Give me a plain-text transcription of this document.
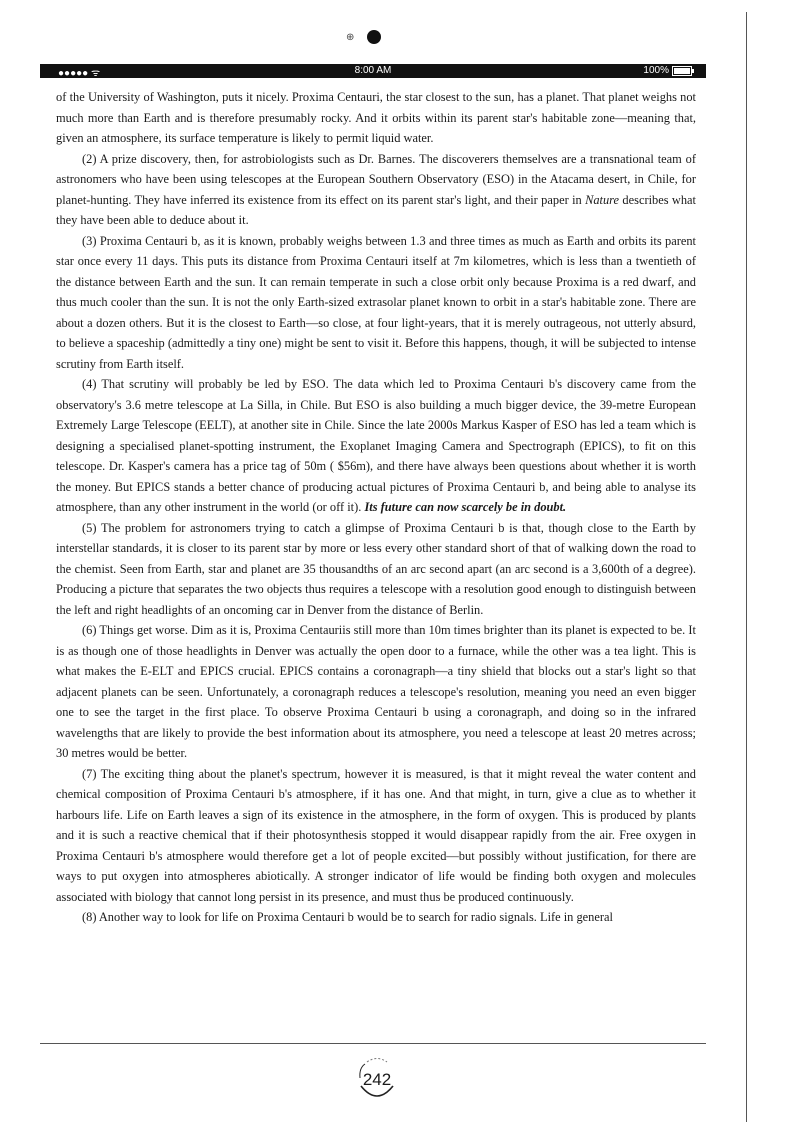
⊕
●●●●● ᯤ	8:00 AM	100%

of the University of Washington, puts it nicely. Proxima Centauri, the star closest to the sun, has a planet. That planet weighs not much more than Earth and is therefore presumably rocky. And it orbits within its parent star's habitable zone—meaning that, given an atmosphere, its surface temperature is likely to permit liquid water.

(2) A prize discovery, then, for astrobiologists such as Dr. Barnes. The discoverers themselves are a transnational team of astronomers who have been using telescopes at the European Southern Observatory (ESO) in the Atacama desert, in Chile, for planet-hunting. They have inferred its existence from its effect on its parent star's light, and their paper in Nature describes what they have been able to deduce about it.

(3) Proxima Centauri b, as it is known, probably weighs between 1.3 and three times as much as Earth and orbits its parent star once every 11 days. This puts its distance from Proxima Centauri itself at 7m kilometres, which is less than a twentieth of the distance between Earth and the sun. It can remain temperate in such a close orbit only because Proxima is a red dwarf, and thus much cooler than the sun. It is not the only Earth-sized extrasolar planet known to orbit in a star's habitable zone. There are about a dozen others. But it is the closest to Earth—so close, at four light-years, that it is merely outrageous, not utterly absurd, to believe a spaceship (admittedly a tiny one) might be sent to visit it. Before this happens, though, it will be subjected to intense scrutiny from Earth itself.

(4) That scrutiny will probably be led by ESO. The data which led to Proxima Centauri b's discovery came from the observatory's 3.6 metre telescope at La Silla, in Chile. But ESO is also building a much bigger device, the 39-metre European Extremely Large Telescope (EELT), at another site in Chile. Since the late 2000s Markus Kasper of ESO has led a team which is designing a specialised planet-spotting instrument, the Exoplanet Imaging Camera and Spectrograph (EPICS), to fit on this telescope. Dr. Kasper's camera has a price tag of 50m ( $56m), and there have always been questions about whether it is worth the money. But EPICS stands a better chance of producing actual pictures of Proxima Centauri b, and being able to analyse its atmosphere, than any other instrument in the world (or off it). Its future can now scarcely be in doubt.

(5) The problem for astronomers trying to catch a glimpse of Proxima Centauri b is that, though close to the Earth by interstellar standards, it is closer to its parent star by more or less every other standard short of that of walking down the road to the chemist. Seen from Earth, star and planet are 35 thousandths of an arc second apart (an arc second is a 3,600th of a degree). Producing a picture that separates the two objects thus requires a telescope with a resolution good enough to distinguish between the left and right headlights of an oncoming car in Denver from the distance of Berlin.

(6) Things get worse. Dim as it is, Proxima Centauriis still more than 10m times brighter than its planet is expected to be. It is as though one of those headlights in Denver was actually the open door to a furnace, while the other was a tea light. This is what makes the E-ELT and EPICS crucial. EPICS contains a coronagraph—a tiny shield that blocks out a star's light so that adjacent planets can be seen. Unfortunately, a coronagraph reduces a telescope's resolution, meaning you need an even bigger one to see the target in the first place. To observe Proxima Centauri b using a coronagraph, and doing so in the infrared wavelengths that are likely to provide the best information about its atmosphere, you need a telescope at least 20 metres across; 30 metres would be better.

(7) The exciting thing about the planet's spectrum, however it is measured, is that it might reveal the water content and chemical composition of Proxima Centauri b's atmosphere, if it has one. And that might, in turn, give a clue as to whether it harbours life. Life on Earth leaves a sign of its existence in the atmosphere, in the form of oxygen. This is produced by plants and it is such a reactive chemical that if their photosynthesis stopped it would disappear rapidly from the air. Free oxygen in Proxima Centauri b's atmosphere would therefore get a lot of people excited—but possibly without justification, for there are ways to put oxygen into atmospheres abiotically. A stronger indicator of life would be finding both oxygen and molecules associated with biology that cannot long persist in its presence, and must thus be produced continuously.

(8) Another way to look for life on Proxima Centauri b would be to search for radio signals. Life in general

242
